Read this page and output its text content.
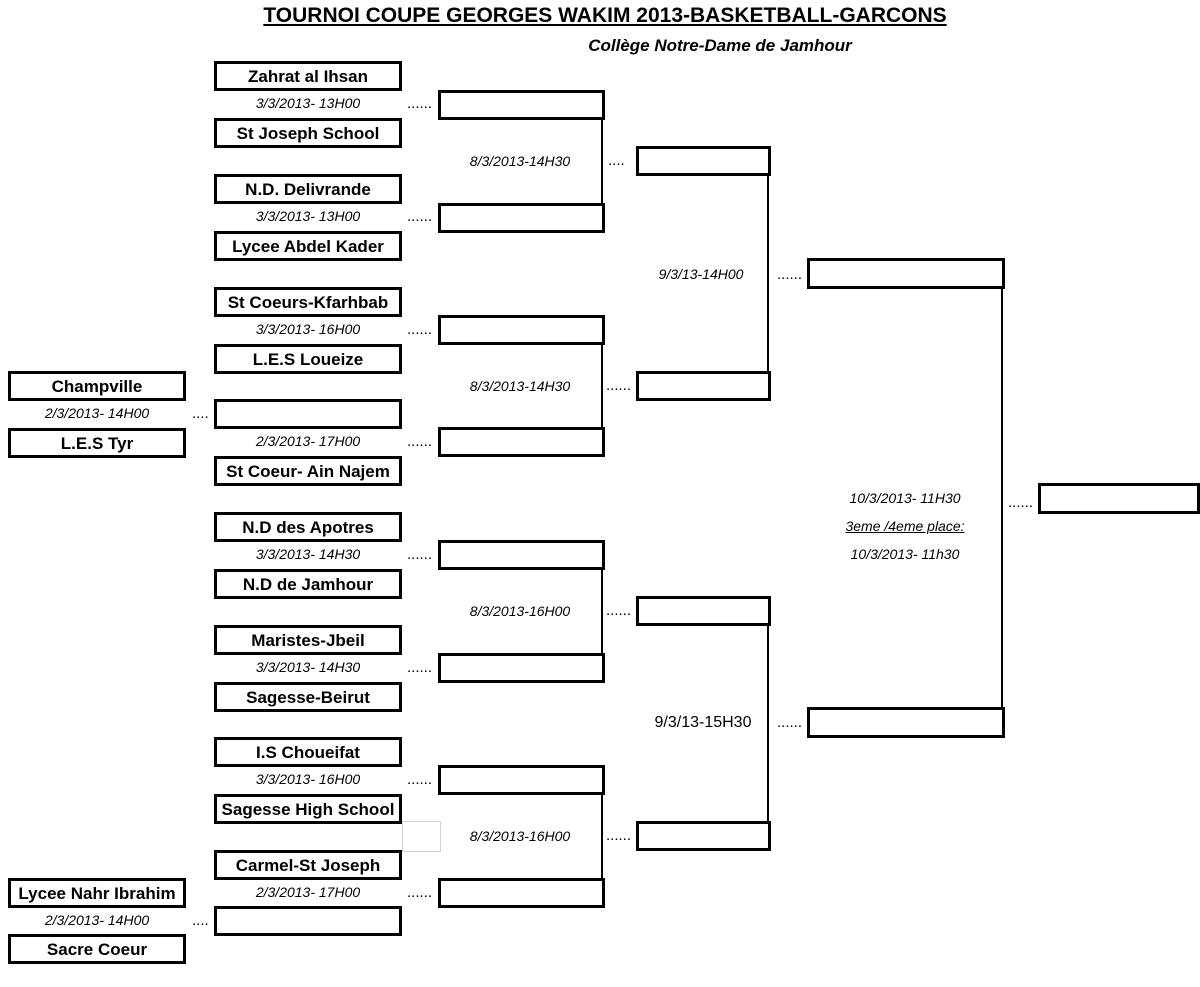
TOURNOI COUPE GEORGES WAKIM 2013-BASKETBALL-GARCONS
Collège Notre-Dame de Jamhour
Champville
2/3/2013- 14H00
L.E.S Tyr
....
Lycee Nahr Ibrahim
2/3/2013- 14H00
Sacre Coeur
....
Zahrat al Ihsan
3/3/2013- 13H00
St Joseph School
N.D. Delivrande
3/3/2013- 13H00
Lycee Abdel Kader
St Coeurs-Kfarhbab
3/3/2013- 16H00
L.E.S Loueize
2/3/2013- 17H00
St Coeur- Ain Najem
N.D des Apotres
3/3/2013- 14H30
N.D de Jamhour
Maristes-Jbeil
3/3/2013- 14H30
Sagesse-Beirut
I.S Choueifat
3/3/2013- 16H00
Sagesse High School
Carmel-St Joseph
2/3/2013- 17H00
......
......
......
......
......
......
......
......
8/3/2013-14H30
8/3/2013-14H30
8/3/2013-16H00
8/3/2013-16H00
....
......
......
......
9/3/13-14H00
9/3/13-15H30
......
......
10/3/2013- 11H30
3eme /4eme place:
10/3/2013- 11h30
......
